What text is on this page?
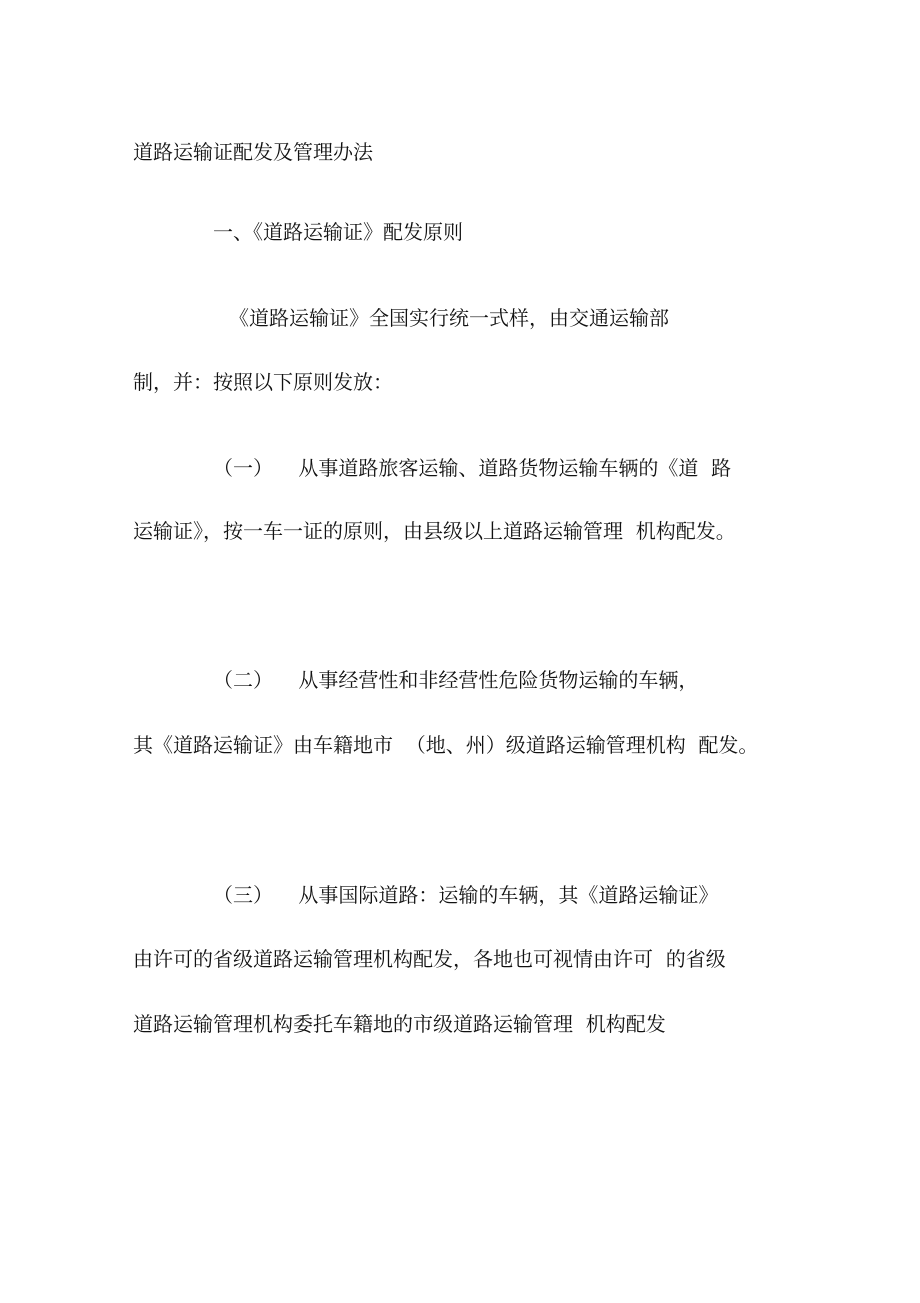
道路运输证配发及管理办法
一、《道路运输证》配发原则
《道路运输证》全国实行统一式样，由交通运输部
制，并：按照以下原则发放：
（一）    从事道路旅客运输、道路货物运输车辆的《道  路
运输证》，按一车一证的原则，由县级以上道路运输管理  机构配发。
（二）    从事经营性和非经营性危险货物运输的车辆，
其《道路运输证》由车籍地市  （地、州）级道路运输管理机构  配发。
（三）    从事国际道路：运输的车辆，其《道路运输证》
由许可的省级道路运输管理机构配发，各地也可视情由许可  的省级
道路运输管理机构委托车籍地的市级道路运输管理  机构配发
